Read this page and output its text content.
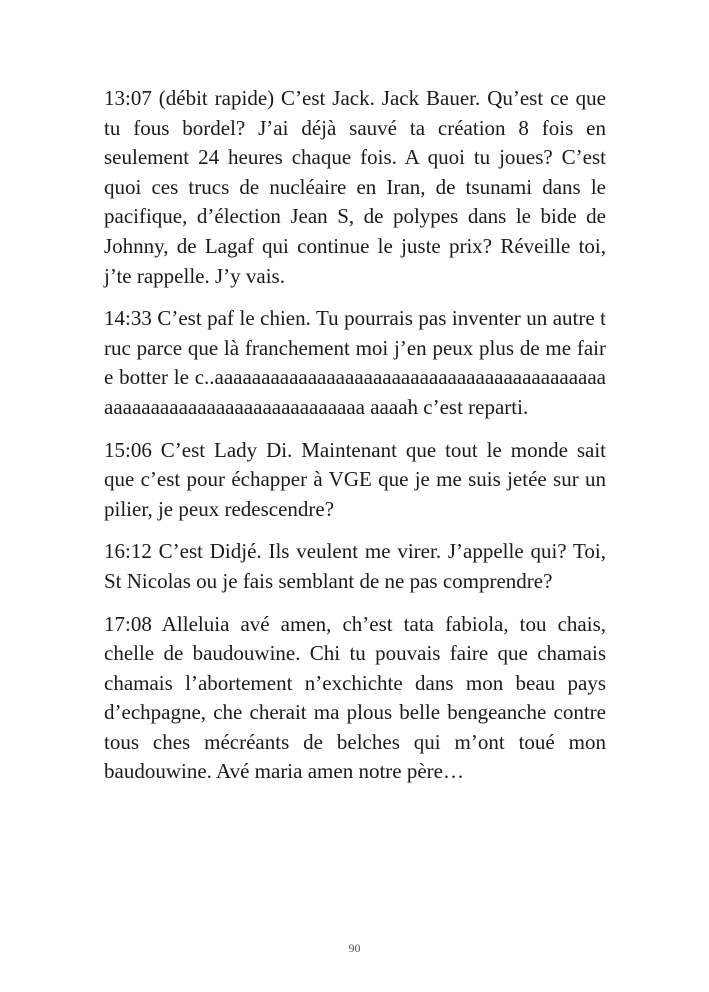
13:07 (débit rapide) C’est Jack. Jack Bauer. Qu’est ce que tu fous bordel? J’ai déjà sauvé ta création 8 fois en seulement 24 heures chaque fois. A quoi tu joues? C’est quoi ces trucs de nucléaire en Iran, de tsunami dans le pacifique, d’élection Jean S, de polypes dans le bide de Johnny, de Lagaf qui continue le juste prix? Réveille toi, j’te rappelle. J’y vais.

14:33 C’est paf le chien. Tu pourrais pas inventer un autre truc parce que là franchement moi j’en peux plus de me faire botter le c..aaaaaaaaaaaaaaaaaaaaaaaaaaaaaaaaaaaaaaaaaaaaaaaaaaaaaaaaaaaaaaaaaaaaaa aaaah c’est reparti.

15:06 C’est Lady Di. Maintenant que tout le monde sait que c’est pour échapper à VGE que je me suis jetée sur un pilier, je peux redescendre?

16:12 C’est Didjé. Ils veulent me virer. J’appelle qui? Toi, St Nicolas ou je fais semblant de ne pas comprendre?

17:08 Alleluia avé amen, ch’est tata fabiola, tou chais, chelle de baudouwine. Chi tu pouvais faire que chamais chamais l’abortement n’exchichte dans mon beau pays d’echpagne, che cherait ma plous belle bengeanche contre tous ches mécréants de belches qui m’ont toué mon baudouwine. Avé maria amen notre père…

90
